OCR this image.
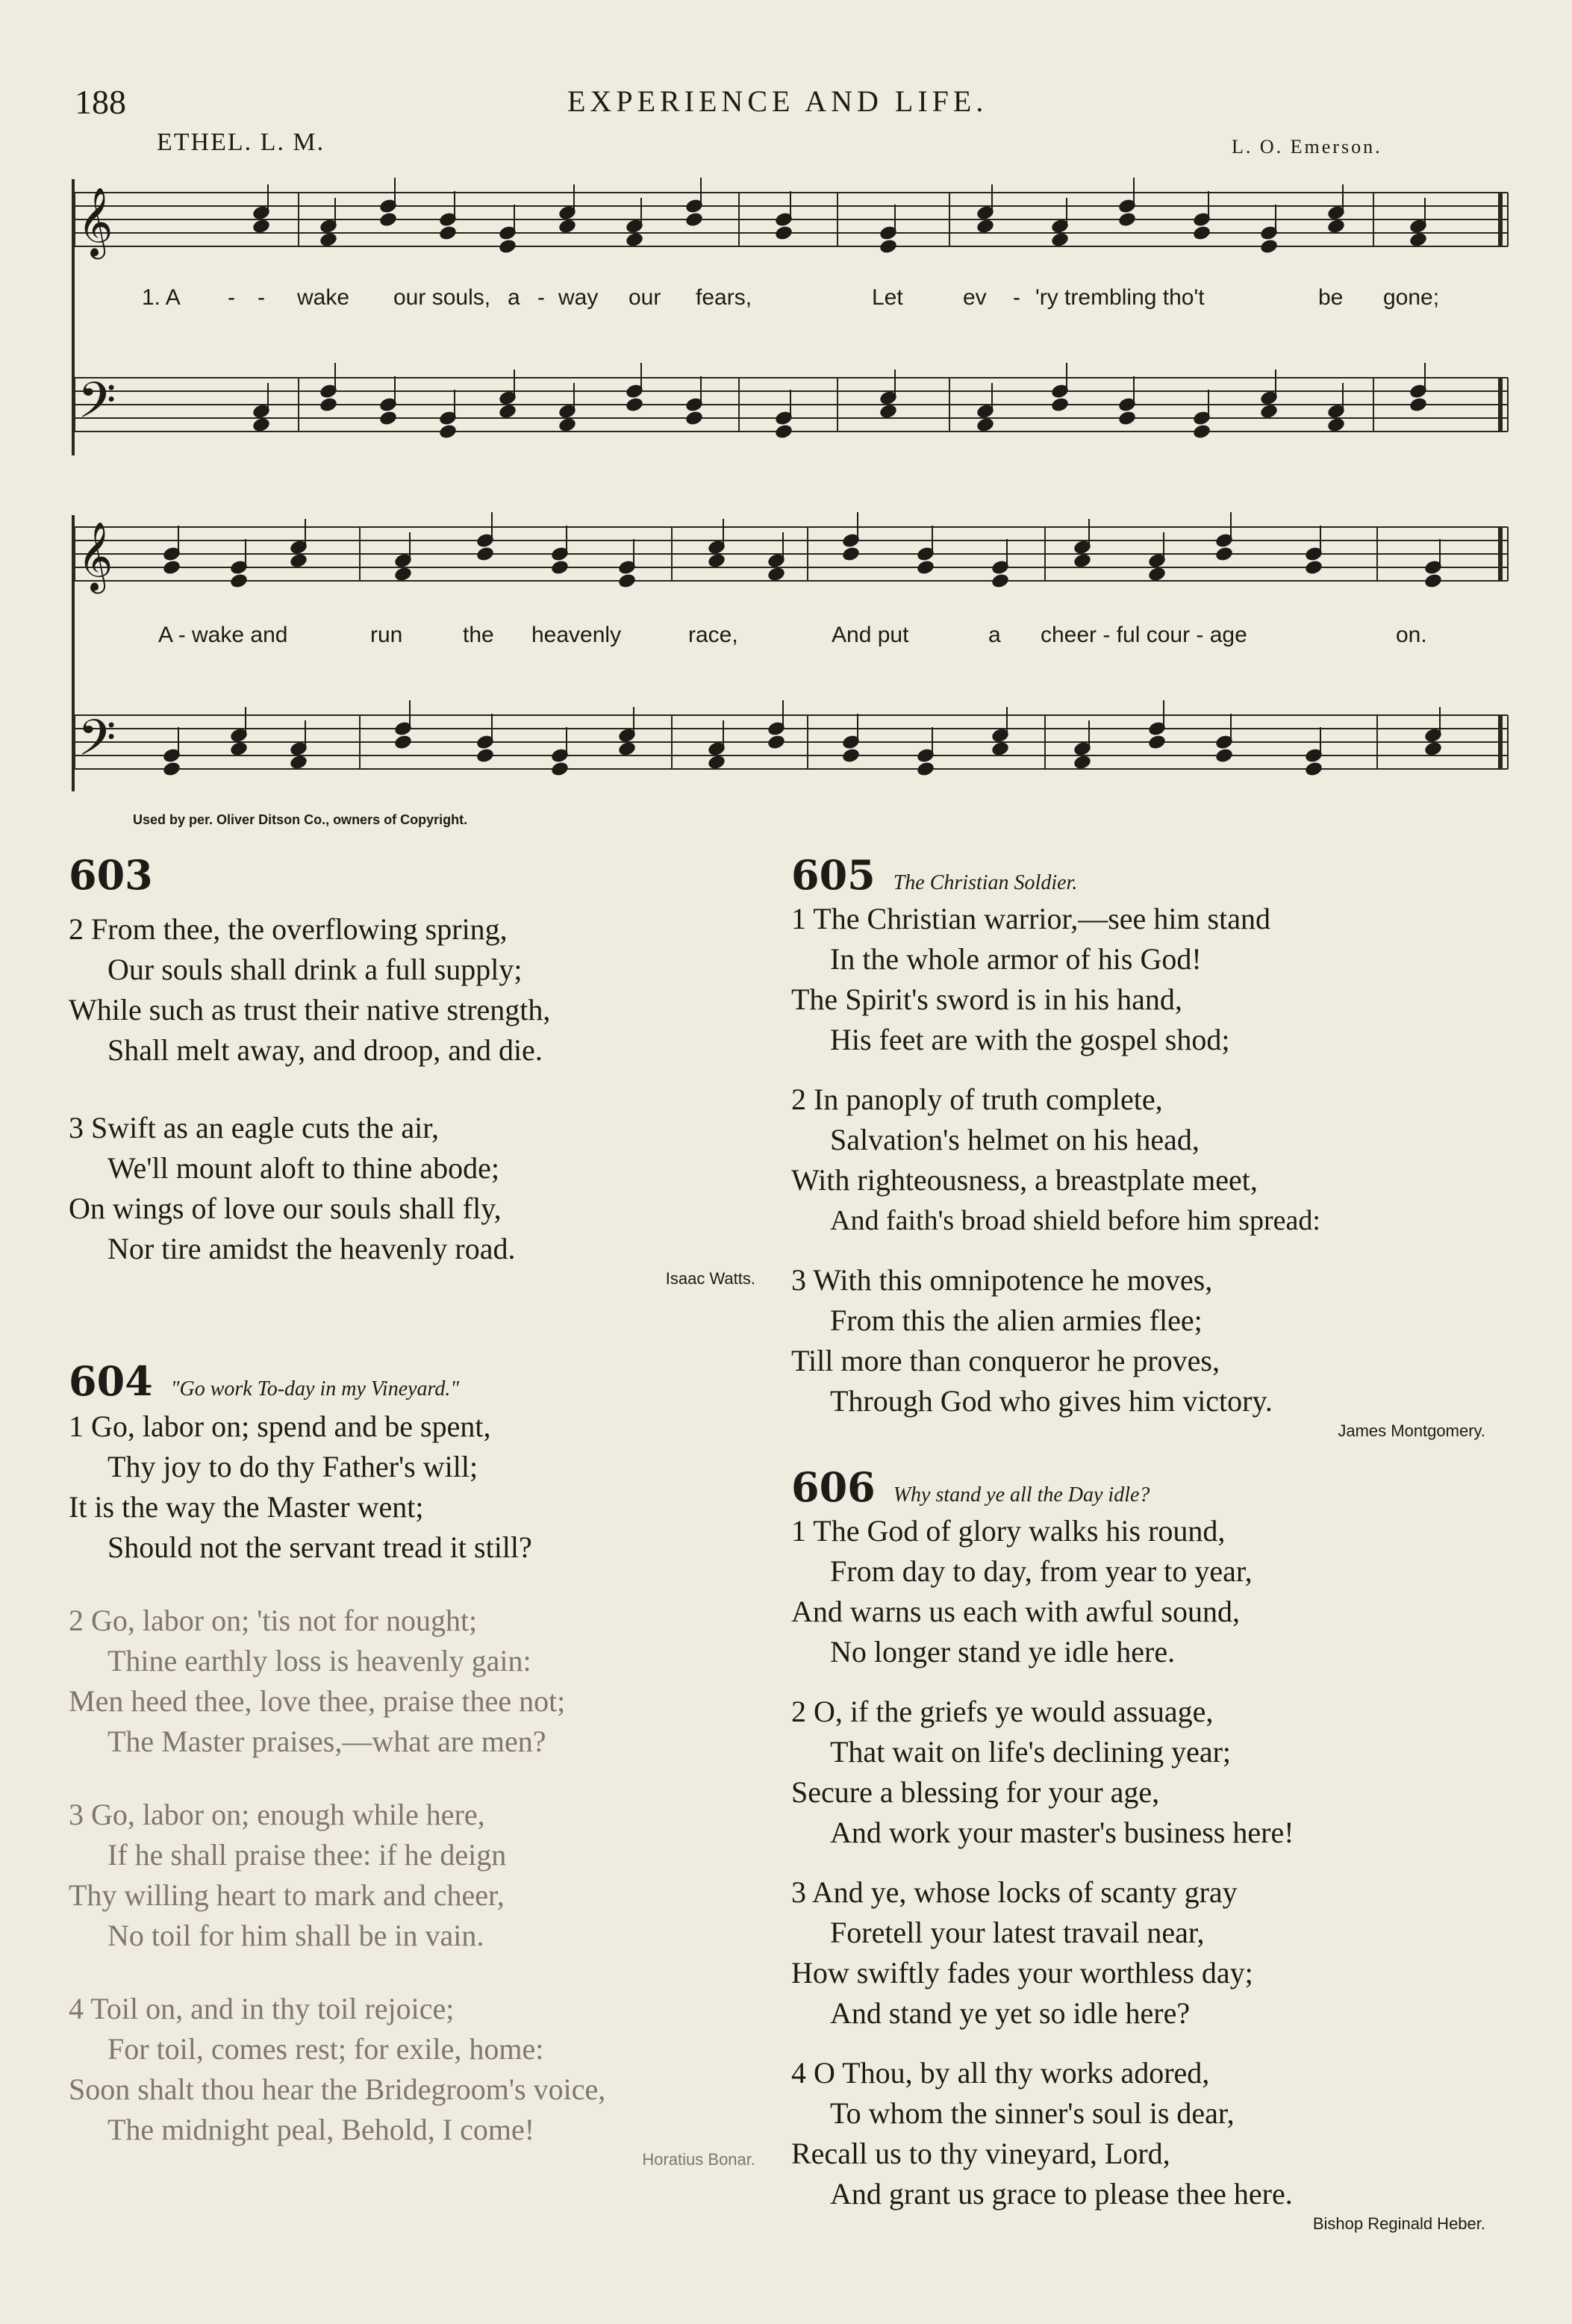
188	EXPERIENCE AND LIFE.
ETHEL. L. M.	L. O. Emerson.
𝄞
𝄢
𝄞
𝄢
1. A - - wake our souls, a - way our fears,	Let	ev - 'ry trembling tho't	be gone;
A - wake and	run	the heavenly	race,	And put	a cheer - ful cour - age	on.
Used by per. Oliver Ditson Co., owners of Copyright.
603
2 From thee, the overflowing spring,
Our souls shall drink a full supply;
While such as trust their native strength,
Shall melt away, and droop, and die.
3 Swift as an eagle cuts the air,
We'll mount aloft to thine abode;
On wings of love our souls shall fly,
Nor tire amidst the heavenly road.
Isaac Watts.
604 "Go work To-day in my Vineyard."
1 Go, labor on; spend and be spent,
Thy joy to do thy Father's will;
It is the way the Master went;
Should not the servant tread it still?
2 Go, labor on; 'tis not for nought;
Thine earthly loss is heavenly gain:
Men heed thee, love thee, praise thee not;
The Master praises,—what are men?
3 Go, labor on; enough while here,
If he shall praise thee: if he deign
Thy willing heart to mark and cheer,
No toil for him shall be in vain.
4 Toil on, and in thy toil rejoice;
For toil, comes rest; for exile, home:
Soon shalt thou hear the Bridegroom's voice,
The midnight peal, Behold, I come!
Horatius Bonar.
605 The Christian Soldier.
1 The Christian warrior,—see him stand
In the whole armor of his God!
The Spirit's sword is in his hand,
His feet are with the gospel shod;
2 In panoply of truth complete,
Salvation's helmet on his head,
With righteousness, a breastplate meet,
And faith's broad shield before him spread:
3 With this omnipotence he moves,
From this the alien armies flee;
Till more than conqueror he proves,
Through God who gives him victory.
James Montgomery.
606 Why stand ye all the Day idle?
1 The God of glory walks his round,
From day to day, from year to year,
And warns us each with awful sound,
No longer stand ye idle here.
2 O, if the griefs ye would assuage,
That wait on life's declining year;
Secure a blessing for your age,
And work your master's business here!
3 And ye, whose locks of scanty gray
Foretell your latest travail near,
How swiftly fades your worthless day;
And stand ye yet so idle here?
4 O Thou, by all thy works adored,
To whom the sinner's soul is dear,
Recall us to thy vineyard, Lord,
And grant us grace to please thee here.
Bishop Reginald Heber.
